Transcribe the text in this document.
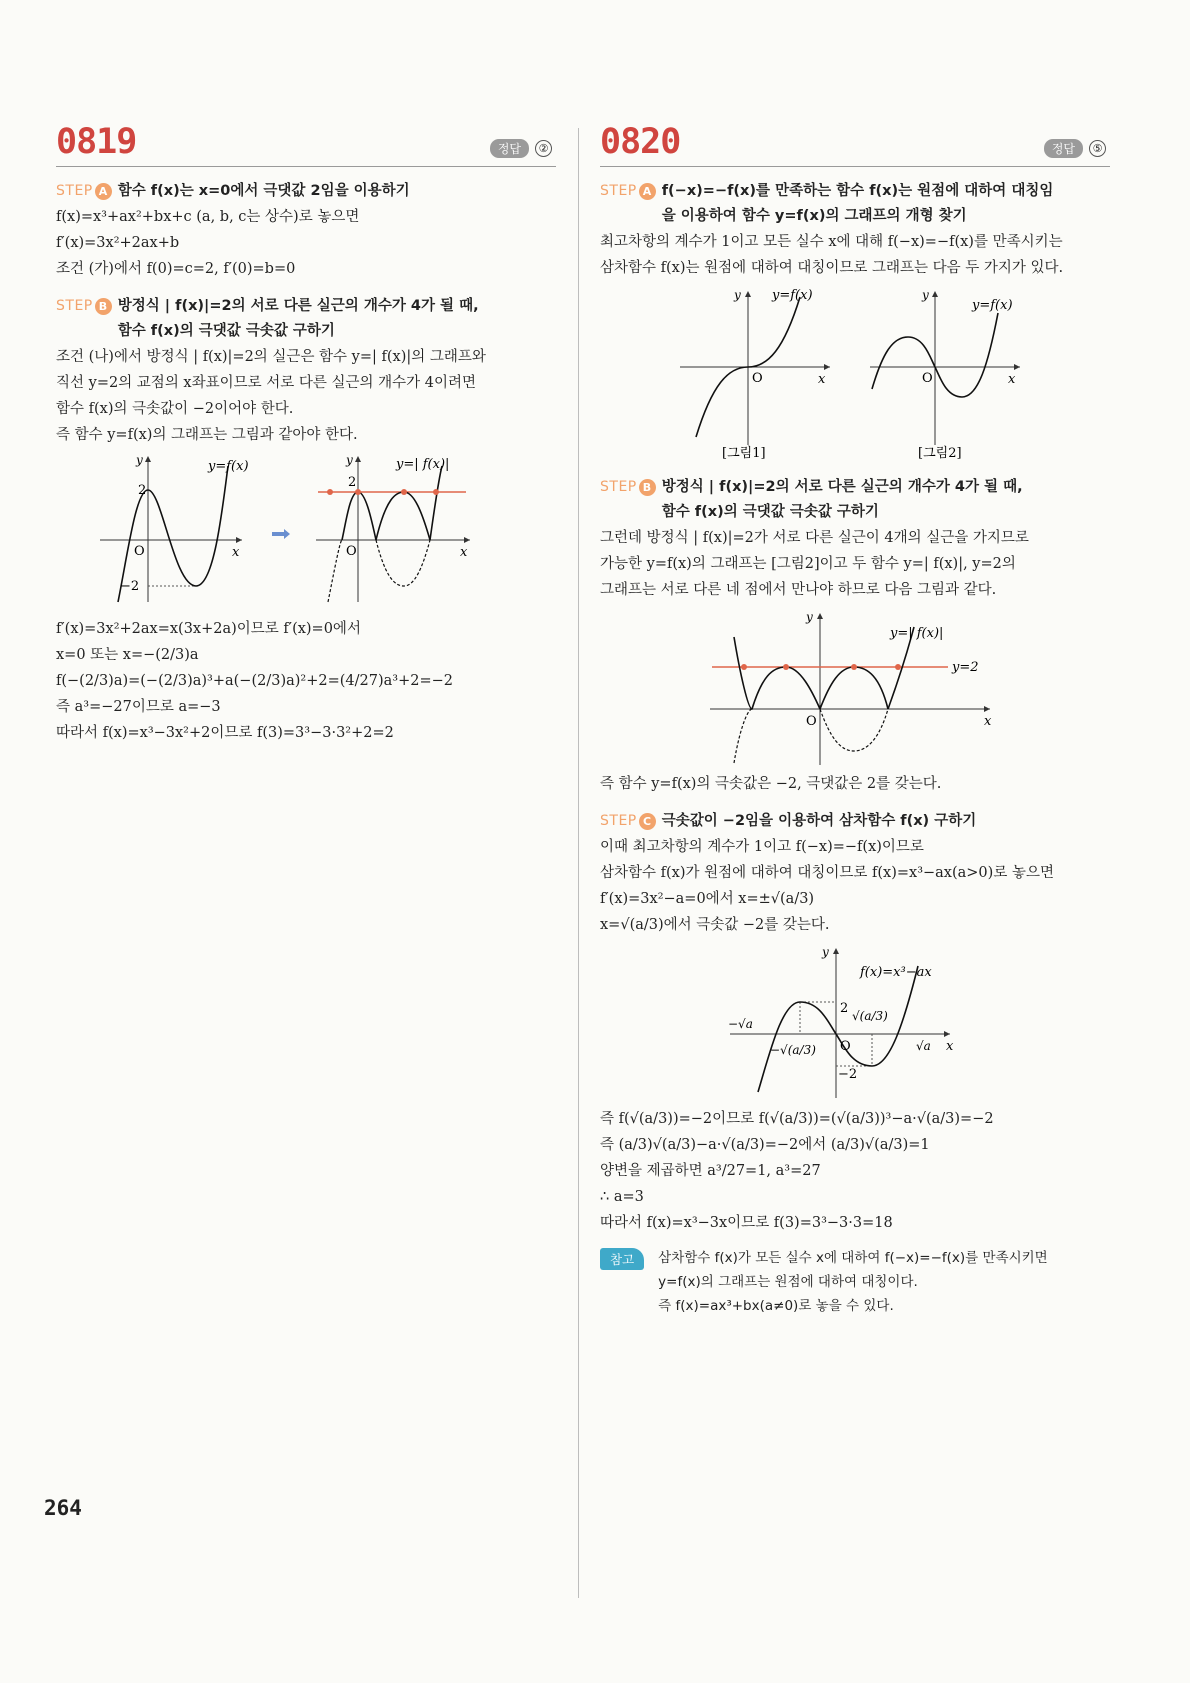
0819	정답	②
STEP A 함수 f(x)는 x=0에서 극댓값 2임을 이용하기
f(x)=x³+ax²+bx+c (a, b, c는 상수)로 놓으면
f′(x)=3x²+2ax+b
조건 (가)에서 f(0)=c=2, f′(0)=b=0
STEP B 방정식 | f(x)|=2의 서로 다른 실근의 개수가 4가 될 때,
함수 f(x)의 극댓값 극솟값 구하기
조건 (나)에서 방정식 | f(x)|=2의 실근은 함수 y=| f(x)|의 그래프와
직선 y=2의 교점의 x좌표이므로 서로 다른 실근의 개수가 4이려면
함수 f(x)의 극솟값이 −2이어야 한다.
즉 함수 y=f(x)의 그래프는 그림과 같아야 한다.
2
−2
O	x
y	y=f(x)
2
O	x
y	y=| f(x)|
f′(x)=3x²+2ax=x(3x+2a)이므로 f′(x)=0에서
x=0 또는 x=−(2/3)a
f(−(2/3)a)=(−(2/3)a)³+a(−(2/3)a)²+2=(4/27)a³+2=−2
즉 a³=−27이므로 a=−3
따라서 f(x)=x³−3x²+2이므로 f(3)=3³−3·3²+2=2
0820	정답	⑤
STEP A f(−x)=−f(x)를 만족하는 함수 f(x)는 원점에 대하여 대칭임
을 이용하여 함수 y=f(x)의 그래프의 개형 찾기
최고차항의 계수가 1이고 모든 실수 x에 대해 f(−x)=−f(x)를 만족시키는
삼차함수 f(x)는 원점에 대하여 대칭이므로 그래프는 다음 두 가지가 있다.
O	x
y y=f(x)
[그림1]
O	x
y
y=f(x)
[그림2]
STEP B 방정식 | f(x)|=2의 서로 다른 실근의 개수가 4가 될 때,
함수 f(x)의 극댓값 극솟값 구하기
그런데 방정식 | f(x)|=2가 서로 다른 실근이 4개의 실근을 가지므로
가능한 y=f(x)의 그래프는 [그림2]이고 두 함수 y=| f(x)|, y=2의
그래프는 서로 다른 네 점에서 만나야 하므로 다음 그림과 같다.
O	x
y
y=| f(x)|
y=2
즉 함수 y=f(x)의 극솟값은 −2, 극댓값은 2를 갖는다.
STEP C 극솟값이 −2임을 이용하여 삼차함수 f(x) 구하기
이때 최고차항의 계수가 1이고 f(−x)=−f(x)이므로
삼차함수 f(x)가 원점에 대하여 대칭이므로 f(x)=x³−ax(a>0)로 놓으면
f′(x)=3x²−a=0에서 x=±√(a/3)
x=√(a/3)에서 극솟값 −2를 갖는다.
2
−2
O	x
y
f(x)=x³−ax
−√a
√a
−√(a/3)
√(a/3)
즉 f(√(a/3))=−2이므로 f(√(a/3))=(√(a/3))³−a·√(a/3)=−2
즉 (a/3)√(a/3)−a·√(a/3)=−2에서 (a/3)√(a/3)=1
양변을 제곱하면 a³/27=1, a³=27
∴ a=3
따라서 f(x)=x³−3x이므로 f(3)=3³−3·3=18
참고	삼차함수 f(x)가 모든 실수 x에 대하여 f(−x)=−f(x)를 만족시키면
y=f(x)의 그래프는 원점에 대하여 대칭이다.
즉 f(x)=ax³+bx(a≠0)로 놓을 수 있다.
264
